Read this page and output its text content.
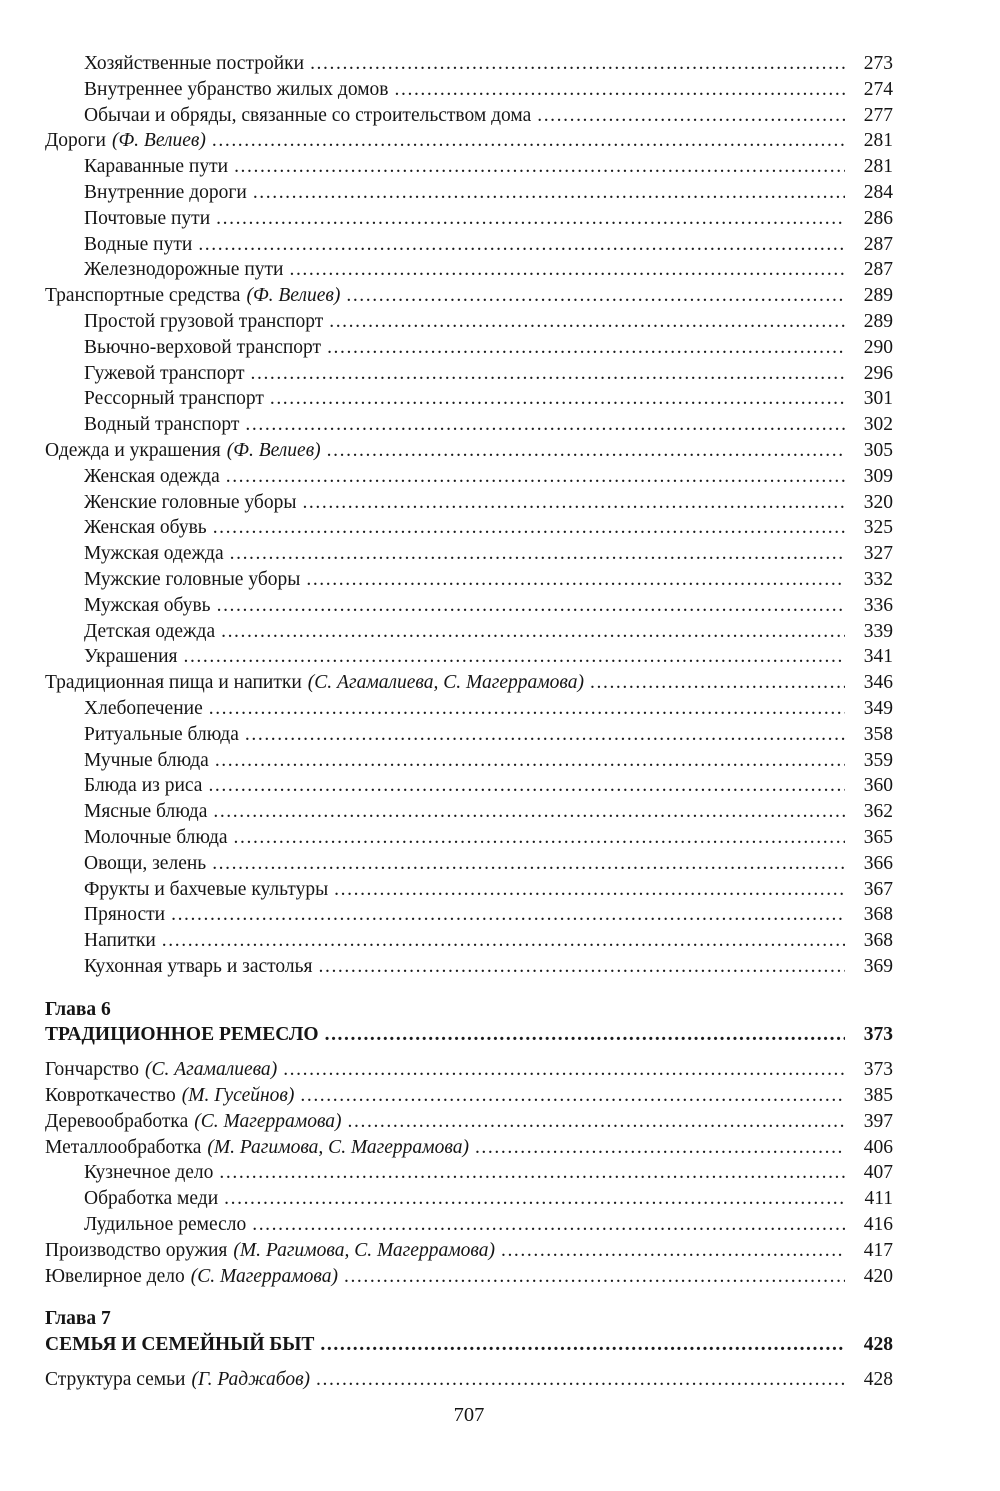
Хозяйственные постройки .....	273
Внутреннее убранство жилых домов .....	274
Обычаи и обряды, связанные со строительством дома .....	277
Дороги ( Ф. Велиев ) .....	281
Караванные пути .....	281
Внутренние дороги .....	284
Почтовые пути .....	286
Водные пути .....	287
Железнодорожные пути .....	287
Транспортные средства ( Ф. Велиев ) .....	289
Простой грузовой транспорт .....	289
Вьючно-верховой транспорт .....	290
Гужевой транспорт .....	296
Рессорный транспорт .....	301
Водный транспорт .....	302
Одежда и украшения ( Ф. Велиев ) .....	305
Женская одежда .....	309
Женские головные уборы .....	320
Женская обувь .....	325
Мужская одежда .....	327
Мужские головные уборы .....	332
Мужская обувь .....	336
Детская одежда .....	339
Украшения .....	341
Традиционная пища и напитки ( С. Агамалиева, С. Магеррамова ) .....	346
Хлебопечение .....	349
Ритуальные блюда .....	358
Мучные блюда .....	359
Блюда из риса .....	360
Мясные блюда .....	362
Молочные блюда .....	365
Овощи, зелень .....	366
Фрукты и бахчевые культуры .....	367
Пряности .....	368
Напитки .....	368
Кухонная утварь и застолья .....	369
Глава 6
ТРАДИЦИОННОЕ РЕМЕСЛО .....	373
Гончарство ( С. Агамалиева ) .....	373
Ковроткачество ( М. Гусейнов ) .....	385
Деревообработка ( С. Магеррамова ) .....	397
Металлообработка ( М. Рагимова, С. Магеррамова ) .....	406
Кузнечное дело .....	407
Обработка меди .....	411
Лудильное ремесло .....	416
Производство оружия ( М. Рагимова, С. Магеррамова ) .....	417
Ювелирное дело ( С. Магеррамова ) .....	420
Глава 7
СЕМЬЯ И СЕМЕЙНЫЙ БЫТ .....	428
Структура семьи ( Г. Раджабов ) .....	428
707
